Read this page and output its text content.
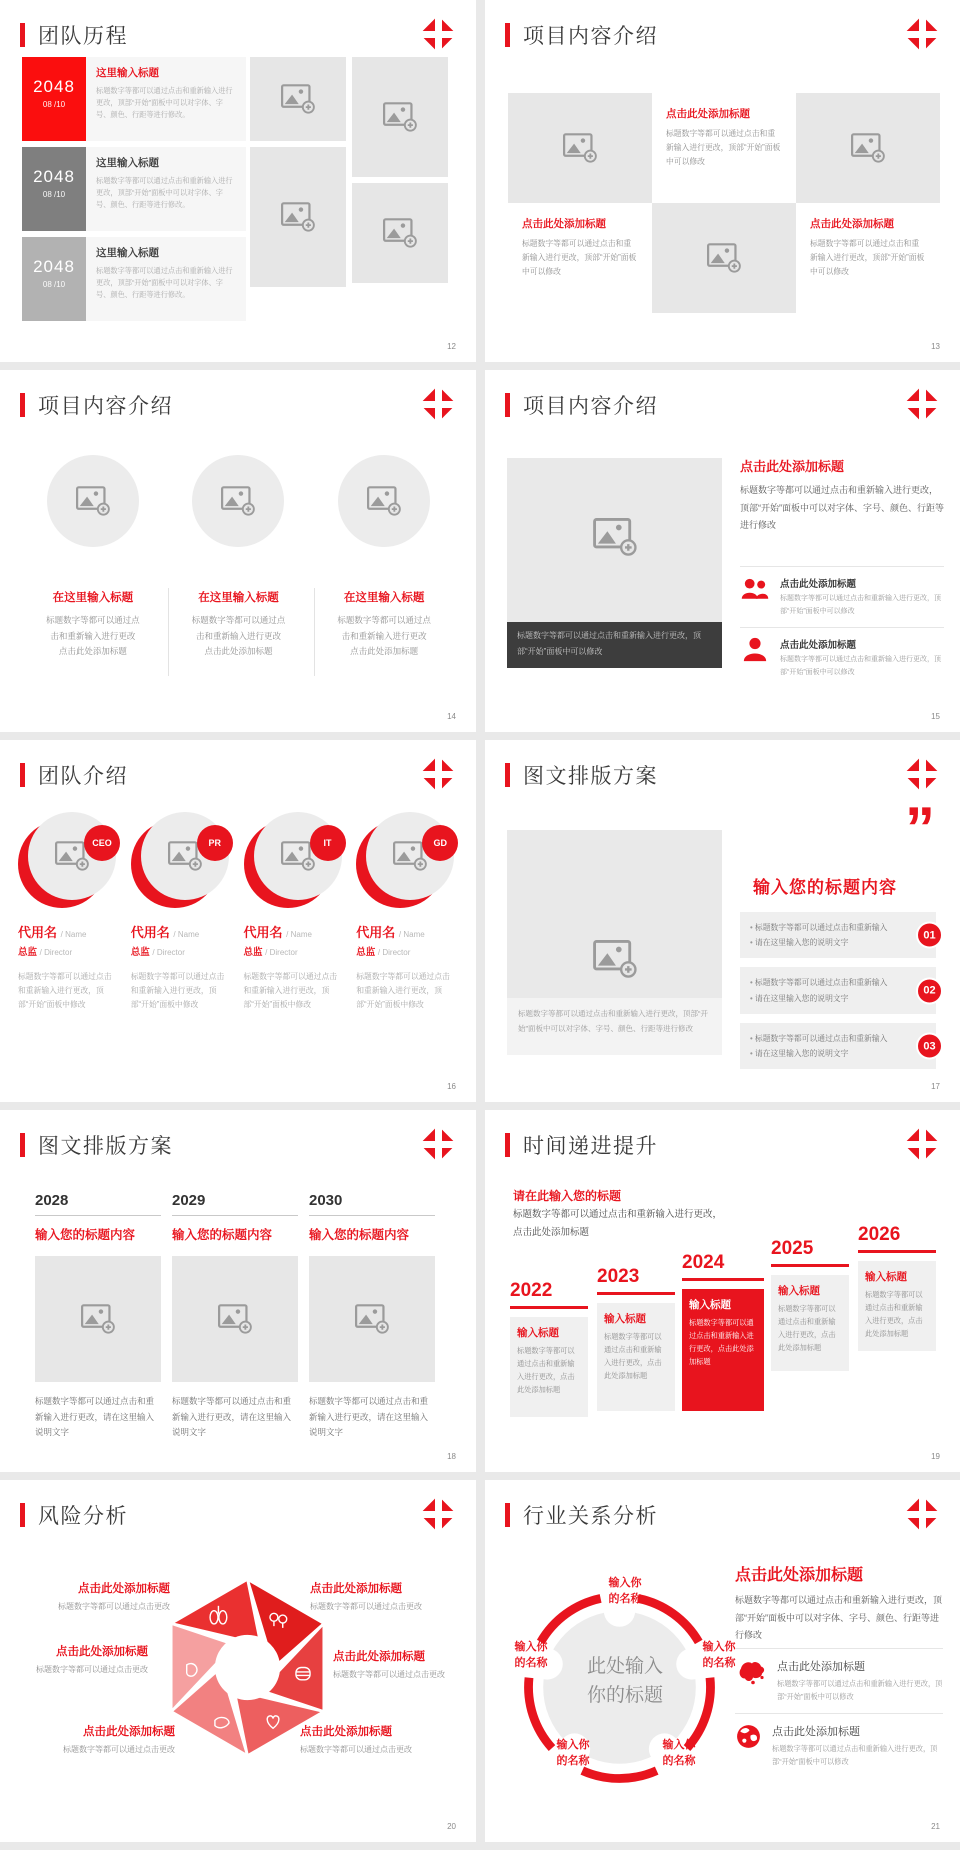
团队历程
2048
08 /10
这里输入标题
标题数字等都可以通过点击和重新输入进行更改，顶部“开始”面板中可以对字体、字号、颜色、行距等进行修改。
2048
08 /10
这里输入标题
标题数字等都可以通过点击和重新输入进行更改，顶部“开始”面板中可以对字体、字号、颜色、行距等进行修改。
2048
08 /10
这里输入标题
标题数字等都可以通过点击和重新输入进行更改，顶部“开始”面板中可以对字体、字号、颜色、行距等进行修改。
12
项目内容介绍
点击此处添加标题

标题数字等都可以通过点击和重新输入进行更改，顶部“开始”面板中可以修改

点击此处添加标题

标题数字等都可以通过点击和重新输入进行更改，顶部“开始”面板中可以修改

点击此处添加标题

标题数字等都可以通过点击和重新输入进行更改，顶部“开始”面板中可以修改

13
项目内容介绍
在这里输入标题
标题数字等都可以通过点
击和重新输入进行更改
点击此处添加标题
在这里输入标题
标题数字等都可以通过点
击和重新输入进行更改
点击此处添加标题
在这里输入标题
标题数字等都可以通过点
击和重新输入进行更改
点击此处添加标题
14
项目内容介绍
标题数字等都可以通过点击和重新输入进行更改，顶部“开始”面板中可以修改

点击此处添加标题

标题数字等都可以通过点击和重新输入进行更改，顶部“开始”面板中可以对字体、字号、颜色、行距等进行修改

点击此处添加标题

标题数字等都可以通过点击和重新输入进行更改，顶部“开始”面板中可以修改

点击此处添加标题

标题数字等都可以通过点击和重新输入进行更改，顶部“开始”面板中可以修改

15
团队介绍
CEO
代用名 / Name
总监 / Director
标题数字等都可以通过点击和重新输入进行更改，顶部“开始”面板中修改
PR
代用名 / Name
总监 / Director
标题数字等都可以通过点击和重新输入进行更改，顶部“开始”面板中修改
IT
代用名 / Name
总监 / Director
标题数字等都可以通过点击和重新输入进行更改，顶部“开始”面板中修改
GD
代用名 / Name
总监 / Director
标题数字等都可以通过点击和重新输入进行更改，顶部“开始”面板中修改
16
图文排版方案
标题数字等都可以通过点击和重新输入进行更改，顶部“开始”面板中可以对字体、字号、颜色、行距等进行修改
”
输入您的标题内容
• 标题数字等都可以通过点击和重新输入
• 请在这里输入您的说明文字
01
• 标题数字等都可以通过点击和重新输入
• 请在这里输入您的说明文字
02
• 标题数字等都可以通过点击和重新输入
• 请在这里输入您的说明文字
03
17
图文排版方案
2028
输入您的标题内容
标题数字等都可以通过点击和重新输入进行更改，请在这里输入说明文字
2029
输入您的标题内容
标题数字等都可以通过点击和重新输入进行更改，请在这里输入说明文字
2030
输入您的标题内容
标题数字等都可以通过点击和重新输入进行更改，请在这里输入说明文字
18
时间递进提升
请在此输入您的标题
标题数字等都可以通过点击和重新输入进行更改，点击此处添加标题
2022
输入标题
标题数字等都可以通过点击和重新输入进行更改，点击此处添加标题
2023
输入标题
标题数字等都可以通过点击和重新输入进行更改，点击此处添加标题
2024
输入标题
标题数字等都可以通过点击和重新输入进行更改，点击此处添加标题
2025
输入标题
标题数字等都可以通过点击和重新输入进行更改，点击此处添加标题
2026
输入标题
标题数字等都可以通过点击和重新输入进行更改，点击此处添加标题
19
风险分析
点击此处添加标题

标题数字等都可以通过点击更改

点击此处添加标题

标题数字等都可以通过点击更改

点击此处添加标题

标题数字等都可以通过点击更改

点击此处添加标题

标题数字等都可以通过点击更改

点击此处添加标题

标题数字等都可以通过点击更改

点击此处添加标题

标题数字等都可以通过点击更改

20
行业关系分析
此处输入
你的标题
输入你
的名称
输入你
的名称
输入你
的名称
输入你
的名称
输入你
的名称

点击此处添加标题

标题数字等都可以通过点击和重新输入进行更改，顶部“开始”面板中可以对字体、字号、颜色、行距等进行修改

点击此处添加标题

标题数字等都可以通过点击和重新输入进行更改，顶部“开始”面板中可以修改

点击此处添加标题

标题数字等都可以通过点击和重新输入进行更改，顶部“开始”面板中可以修改

21
